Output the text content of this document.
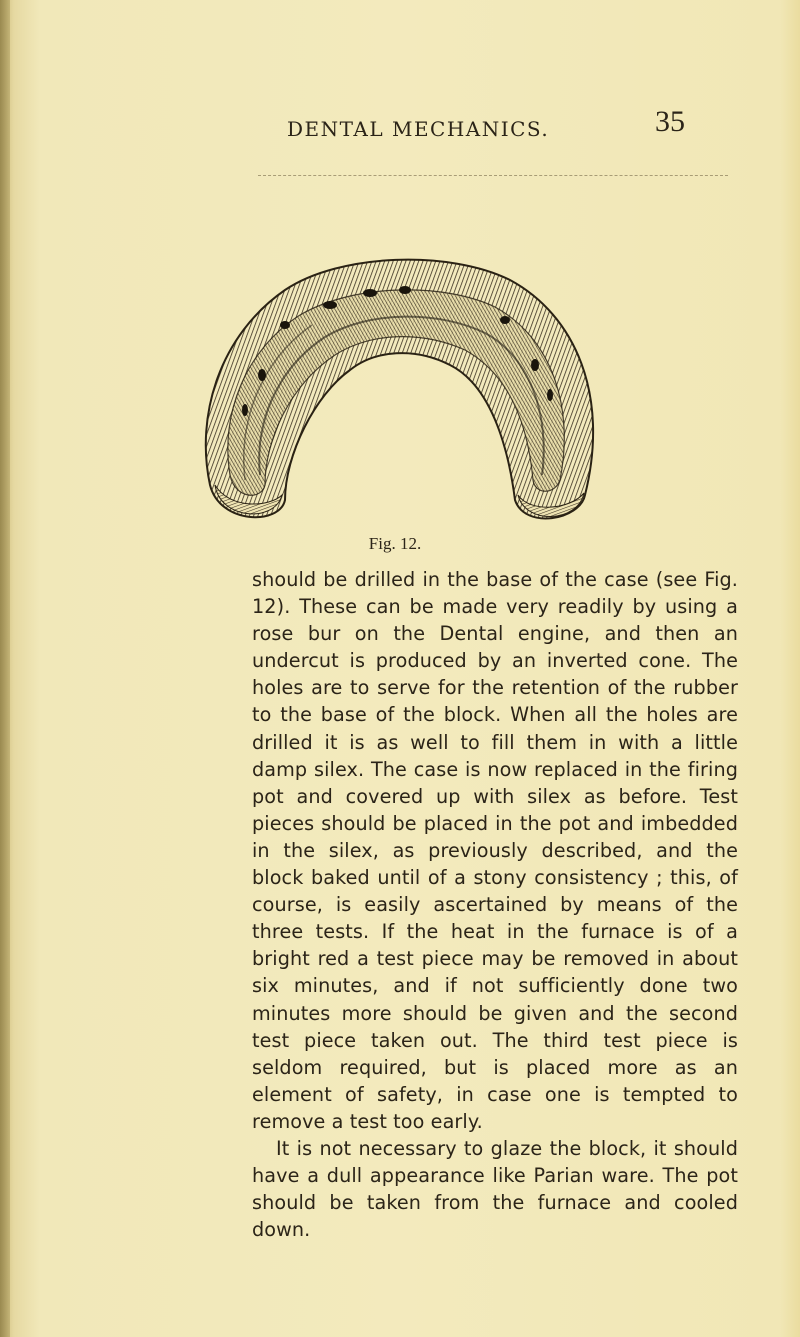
DENTAL MECHANICS.	35
Fig. 12.

should be drilled in the base of the case (see Fig. 12). These can be made very readily by using a rose bur on the Dental engine, and then an undercut is produced by an inverted cone. The holes are to serve for the retention of the rubber to the base of the block. When all the holes are drilled it is as well to fill them in with a little damp silex. The case is now replaced in the firing pot and covered up with silex as before. Test pieces should be placed in the pot and imbedded in the silex, as previously described, and the block baked until of a stony consistency ; this, of course, is easily ascertained by means of the three tests. If the heat in the furnace is of a bright red a test piece may be removed in about six minutes, and if not sufficiently done two minutes more should be given and the second test piece taken out. The third test piece is seldom required, but is placed more as an element of safety, in case one is tempted to remove a test too early.

It is not necessary to glaze the block, it should have a dull appearance like Parian ware. The pot should be taken from the furnace and cooled down.
